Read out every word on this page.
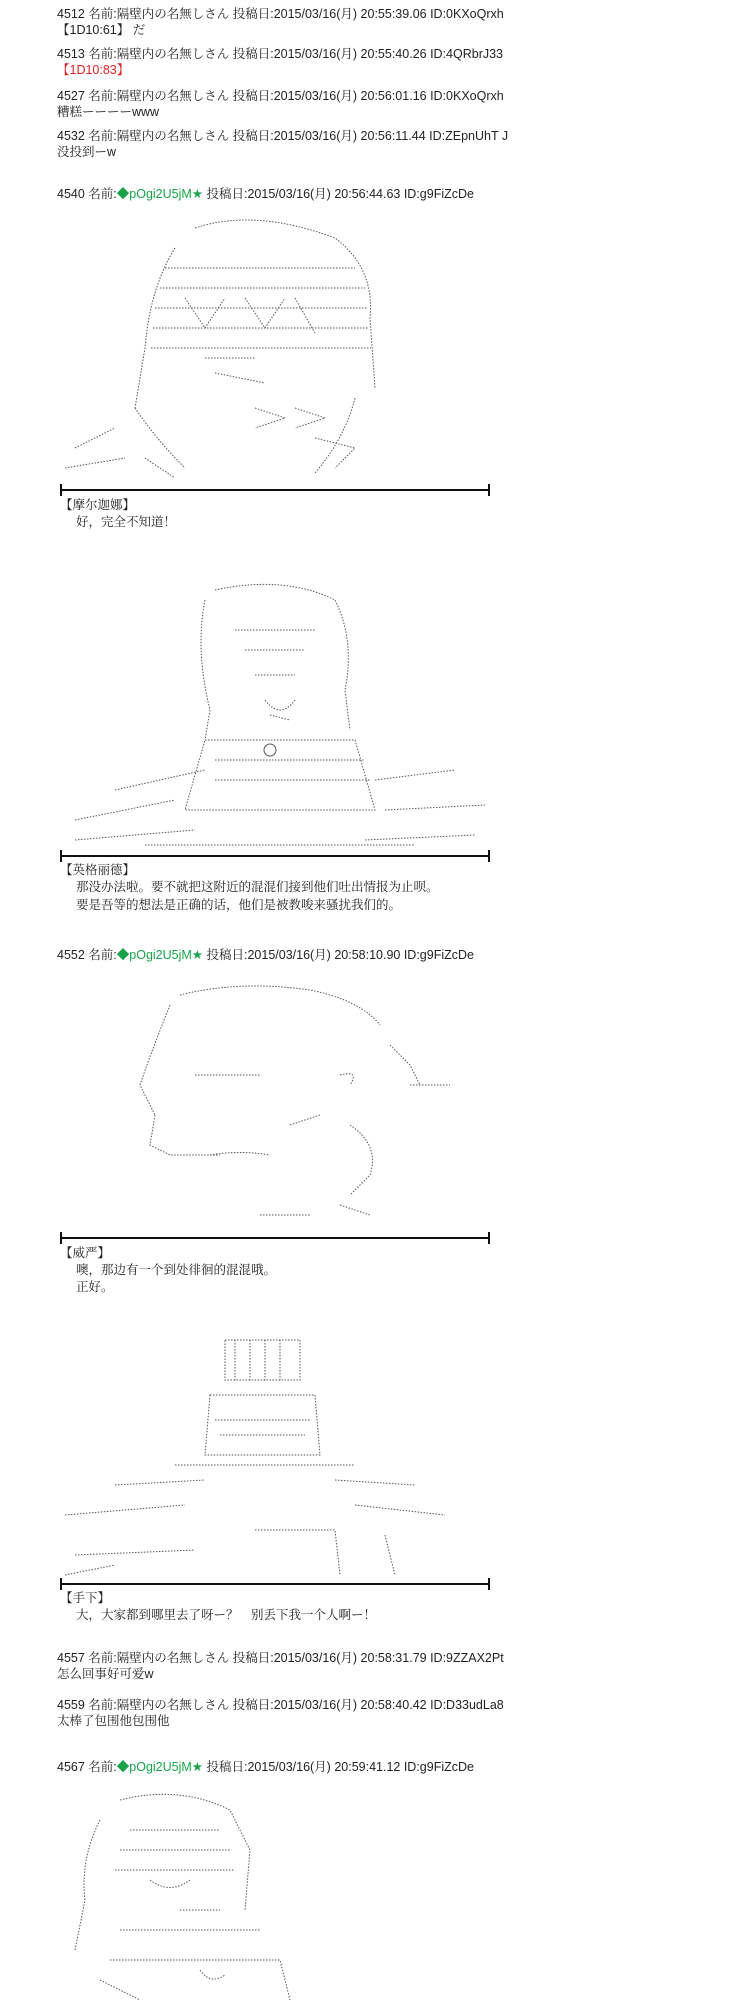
4512 名前:隔壁内の名無しさん 投稿日:2015/03/16(月) 20:55:39.06 ID:0KXoQrxh
【1D10:61】 だ
4513 名前:隔壁内の名無しさん 投稿日:2015/03/16(月) 20:55:40.26 ID:4QRbrJ33
【1D10:83】
4527 名前:隔壁内の名無しさん 投稿日:2015/03/16(月) 20:56:01.16 ID:0KXoQrxh
糟糕ーーーーwww
4532 名前:隔壁内の名無しさん 投稿日:2015/03/16(月) 20:56:11.44 ID:ZEpnUhT J
没投到ーw
4540 名前:◆pOgi2U5jM★ 投稿日:2015/03/16(月) 20:56:44.63 ID:g9FiZcDe
【摩尔迦娜】
好，完全不知道！
【英格丽德】
那没办法啦。要不就把这附近的混混们接到他们吐出情报为止呗。
要是吾等的想法是正确的话，他们是被教唆来骚扰我们的。
4552 名前:◆pOgi2U5jM★ 投稿日:2015/03/16(月) 20:58:10.90 ID:g9FiZcDe
【威严】
噢，那边有一个到处徘徊的混混哦。
正好。
【手下】
大，大家都到哪里去了呀ー？　别丢下我一个人啊ー！
4557 名前:隔壁内の名無しさん 投稿日:2015/03/16(月) 20:58:31.79 ID:9ZZAX2Pt
怎么回事好可爱w
4559 名前:隔壁内の名無しさん 投稿日:2015/03/16(月) 20:58:40.42 ID:D33udLa8
太棒了包围他包围他
4567 名前:◆pOgi2U5jM★ 投稿日:2015/03/16(月) 20:59:41.12 ID:g9FiZcDe
